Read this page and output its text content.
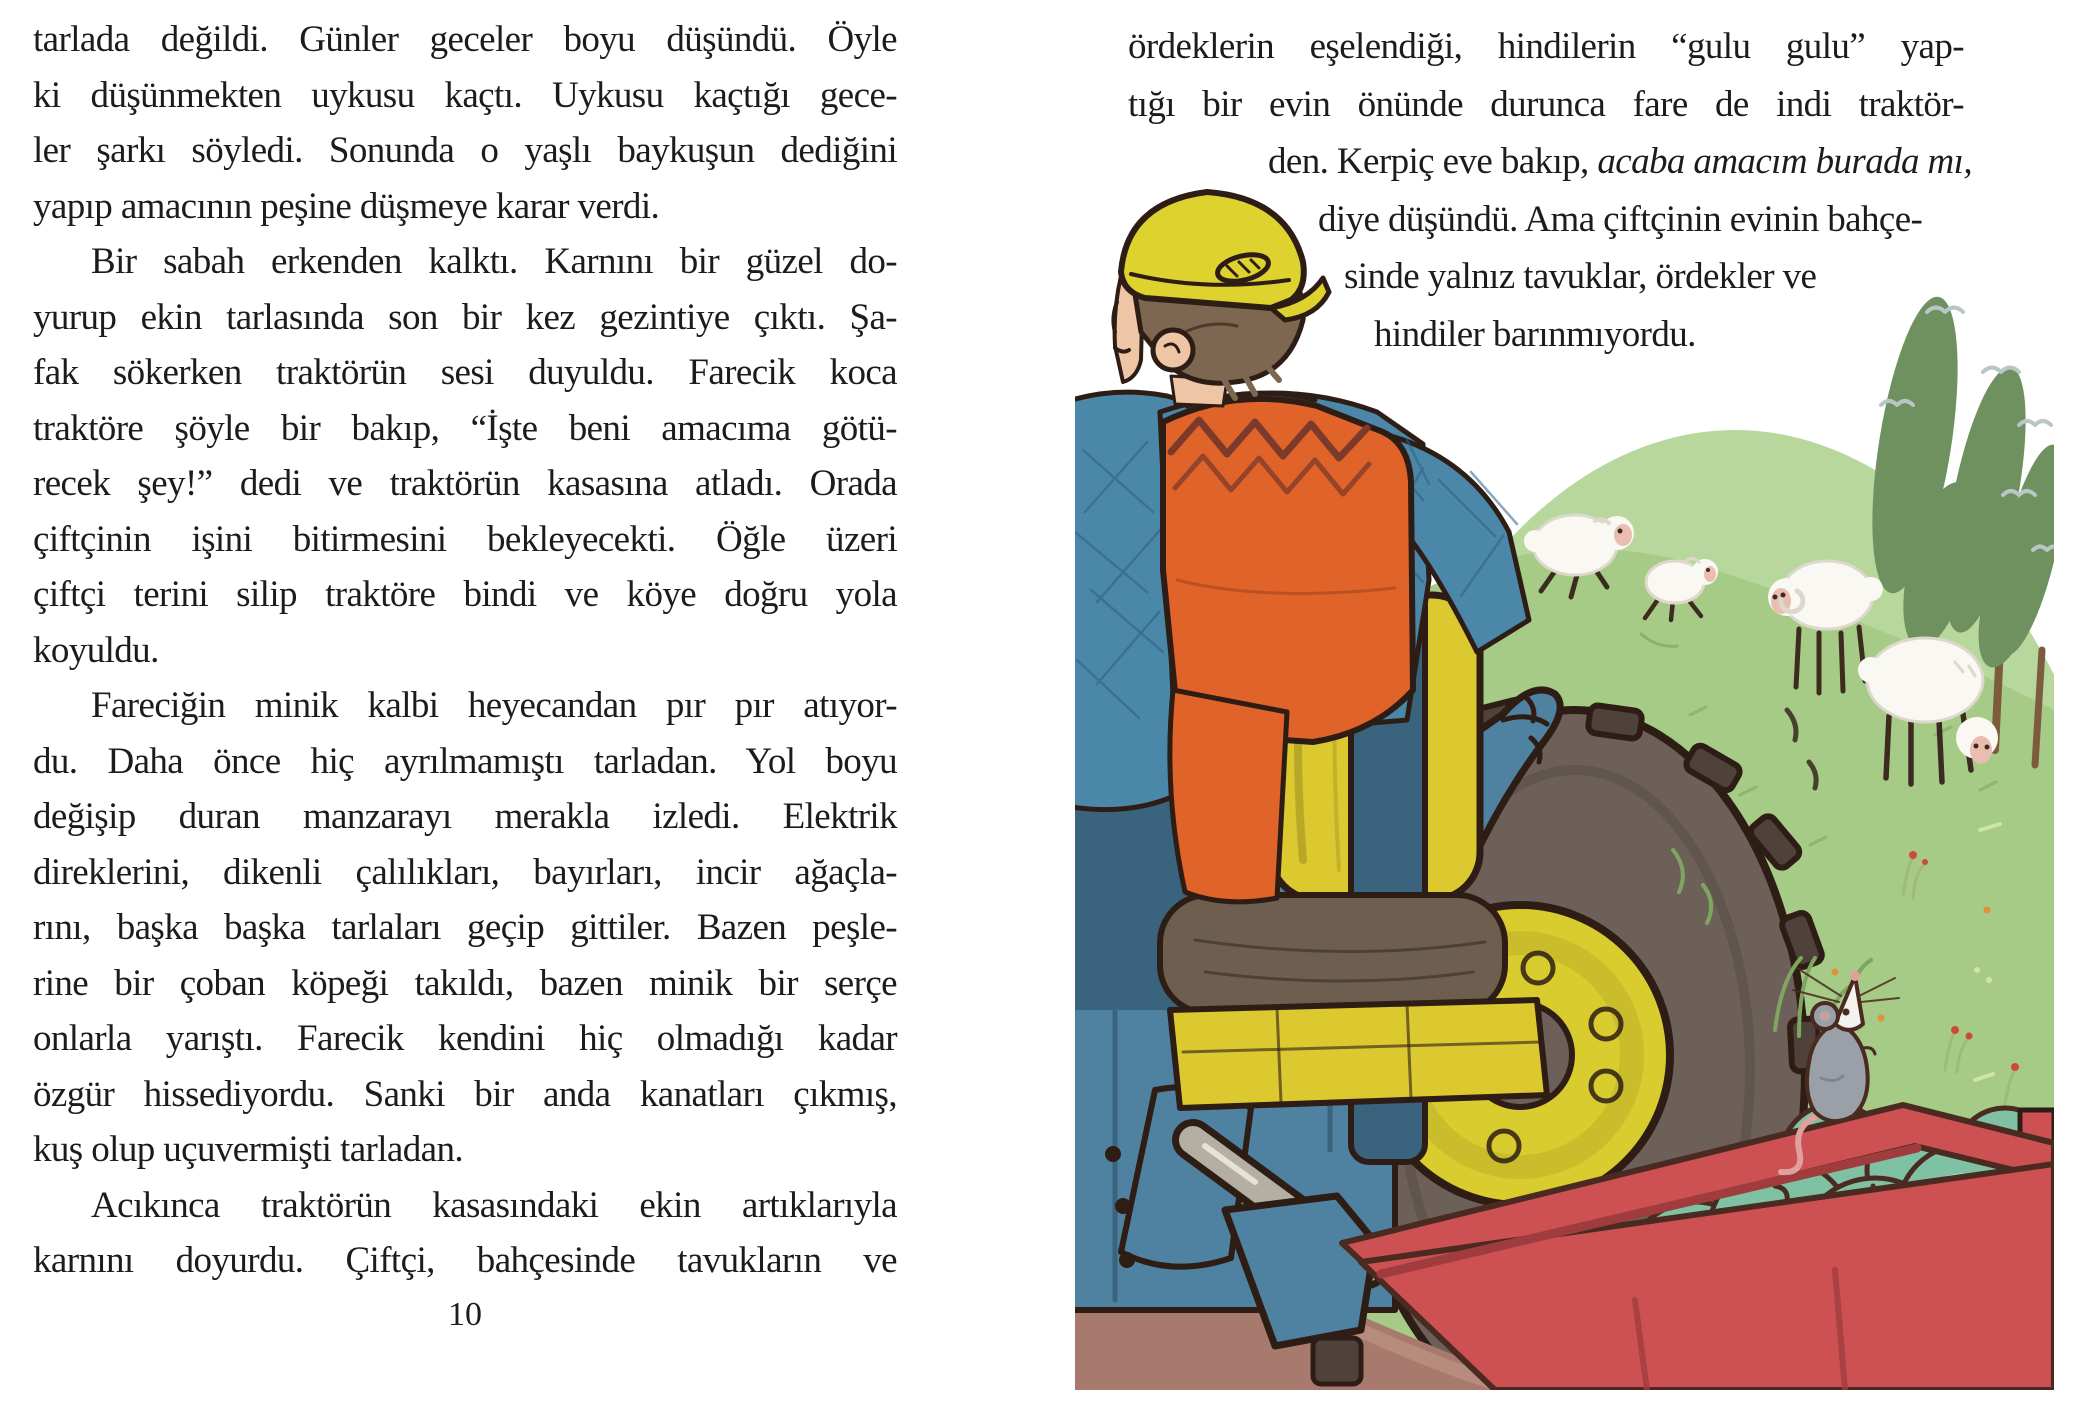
tarlada değildi. Günler geceler boyu düşündü. Öyle
ki düşünmekten uykusu kaçtı. Uykusu kaçtığı gece-
ler şarkı söyledi. Sonunda o yaşlı baykuşun dediğini
yapıp amacının peşine düşmeye karar verdi.
Bir sabah erkenden kalktı. Karnını bir güzel do-
yurup ekin tarlasında son bir kez gezintiye çıktı. Şa-
fak sökerken traktörün sesi duyuldu. Farecik koca
traktöre şöyle bir bakıp, “İşte beni amacıma götü-
recek şey!” dedi ve traktörün kasasına atladı. Orada
çiftçinin işini bitirmesini bekleyecekti. Öğle üzeri
çiftçi terini silip traktöre bindi ve köye doğru yola
koyuldu.
Fareciğin minik kalbi heyecandan pır pır atıyor-
du. Daha önce hiç ayrılmamıştı tarladan. Yol boyu
değişip duran manzarayı merakla izledi. Elektrik
direklerini, dikenli çalılıkları, bayırları, incir ağaçla-
rını, başka başka tarlaları geçip gittiler. Bazen peşle-
rine bir çoban köpeği takıldı, bazen minik bir serçe
onlarla yarıştı. Farecik kendini hiç olmadığı kadar
özgür hissediyordu. Sanki bir anda kanatları çıkmış,
kuş olup uçuvermişti tarladan.
Acıkınca traktörün kasasındaki ekin artıklarıyla
karnını doyurdu. Çiftçi, bahçesinde tavukların ve
ördeklerin eşelendiği, hindilerin “gulu gulu” yap-
tığı bir evin önünde durunca fare de indi traktör-
den. Kerpiç eve bakıp, acaba amacım burada mı,
diye düşündü. Ama çiftçinin evinin bahçe-
sinde yalnız tavuklar, ördekler ve
hindiler barınmıyordu.
10
